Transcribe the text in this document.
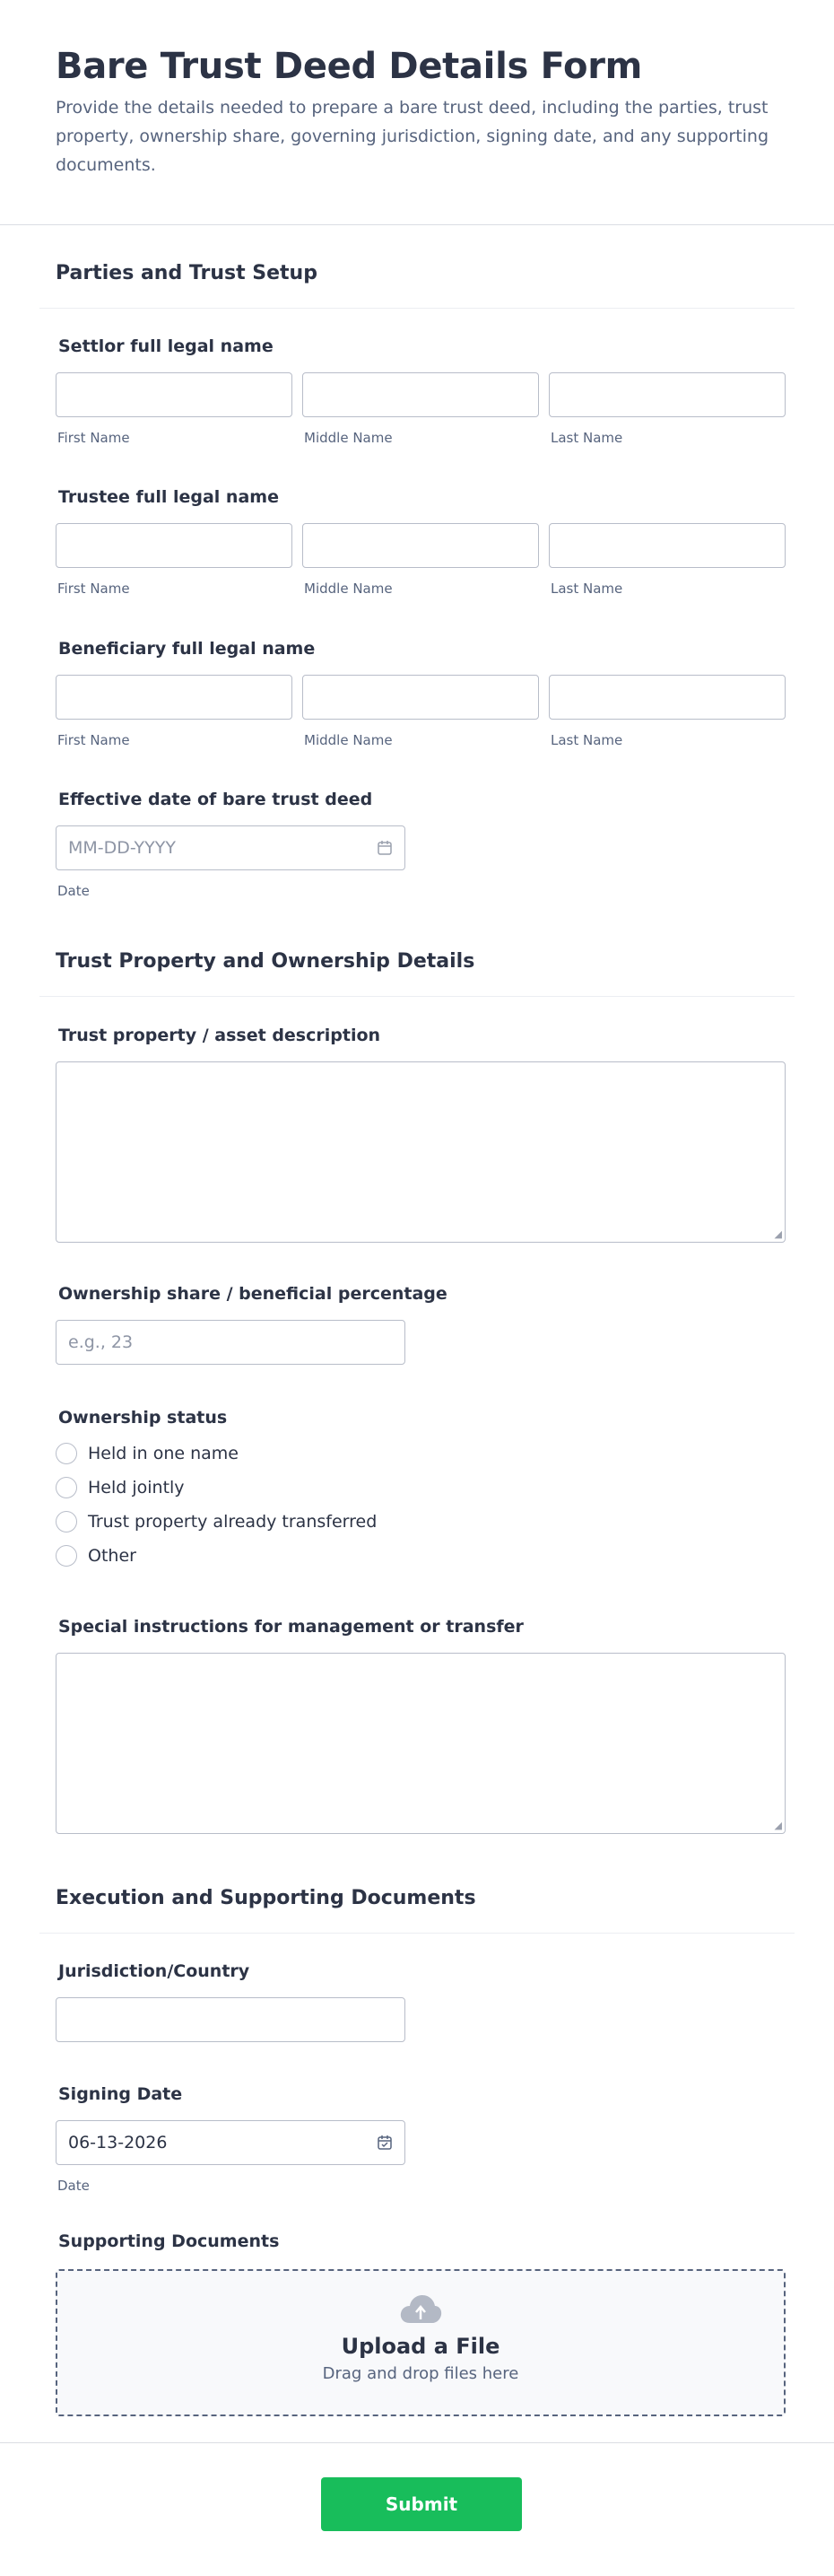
Bare Trust Deed Details Form
Provide the details needed to prepare a bare trust deed, including the parties, trust property, ownership share, governing jurisdiction, signing date, and any supporting documents.
Parties and Trust Setup
Settlor full legal name
First Name	Middle Name	Last Name
Trustee full legal name
First Name	Middle Name	Last Name
Beneficiary full legal name
First Name	Middle Name	Last Name
Effective date of bare trust deed
MM-DD-YYYY
Date
Trust Property and Ownership Details
Trust property / asset description
◢
Ownership share / beneficial percentage
e.g., 23
Ownership status
Held in one name
Held jointly
Trust property already transferred
Other
Special instructions for management or transfer
◢
Execution and Supporting Documents
Jurisdiction/Country
Signing Date
06-13-2026
Date
Supporting Documents
Upload a File
Drag and drop files here
Submit
